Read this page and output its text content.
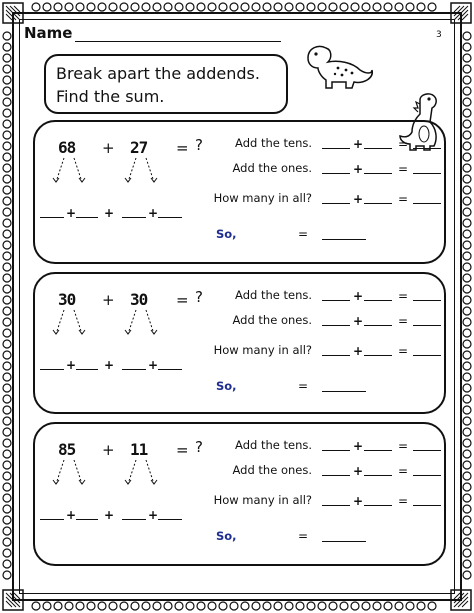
Name	3
Break apart the addends.
Find the sum.
68 + 27 = ?
+ +	+
Add the tens.	+	=
Add the ones.	+	=
How many in all?	+	=
So,	=
30 + 30 = ?
+ +	+
Add the tens.	+	=
Add the ones.	+	=
How many in all?	+	=
So,	=
85 + 11 = ?
+ +	+
Add the tens.	+	=
Add the ones.	+	=
How many in all?	+	=
So,	=
